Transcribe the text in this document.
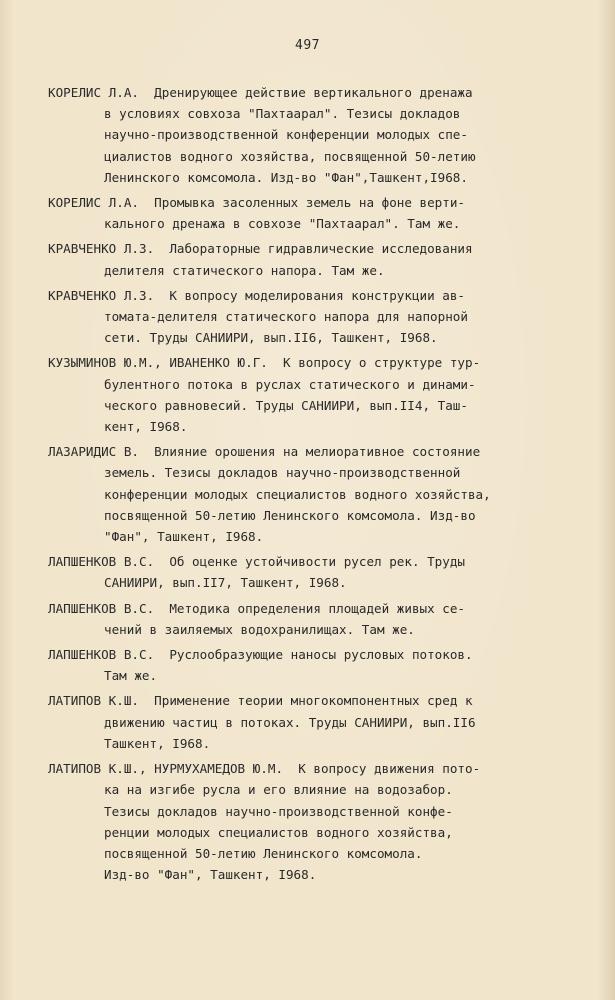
497
КОРЕЛИС Л.А.  Дренирующее действие вертикального дренажа
в условиях совхоза "Пахтаарал". Тезисы докладов
научно-производственной конференции молодых спе-
циалистов водного хозяйства, посвященной 50-летию
Ленинского комсомола. Изд-во "Фан",Ташкент,I968.
КОРЕЛИС Л.А.  Промывка засоленных земель на фоне верти-
кального дренажа в совхозе "Пахтаарал". Там же.
КРАВЧЕНКО Л.З.  Лабораторные гидравлические исследования
делителя статического напора. Там же.
КРАВЧЕНКО Л.З.  К вопросу моделирования конструкции ав-
томата-делителя статического напора для напорной
сети. Труды САНИИРИ, вып.II6, Ташкент, I968.
КУЗЫМИНОВ Ю.М., ИВАНЕНКО Ю.Г.  К вопросу о структуре тур-
булентного потока в руслах статического и динами-
ческого равновесий. Труды САНИИРИ, вып.II4, Таш-
кент, I968.
ЛАЗАРИДИС В.  Влияние орошения на мелиоративное состояние
земель. Тезисы докладов научно-производственной
конференции молодых специалистов водного хозяйства,
посвященной 50-летию Ленинского комсомола. Изд-во
"Фан", Ташкент, I968.
ЛАПШЕНКОВ В.С.  Об оценке устойчивости русел рек. Труды
САНИИРИ, вып.II7, Ташкент, I968.
ЛАПШЕНКОВ В.С.  Методика определения площадей живых се-
чений в заиляемых водохранилищах. Там же.
ЛАПШЕНКОВ В.С.  Руслообразующие наносы русловых потоков.
Там же.
ЛАТИПОВ К.Ш.  Применение теории многокомпонентных сред к
движению частиц в потоках. Труды САНИИРИ, вып.II6
Ташкент, I968.
ЛАТИПОВ К.Ш., НУРМУХАМЕДОВ Ю.М.  К вопросу движения пото-
ка на изгибе русла и его влияние на водозабор.
Тезисы докладов научно-производственной конфе-
ренции молодых специалистов водного хозяйства,
посвященной 50-летию Ленинского комсомола.
Изд-во "Фан", Ташкент, I968.
